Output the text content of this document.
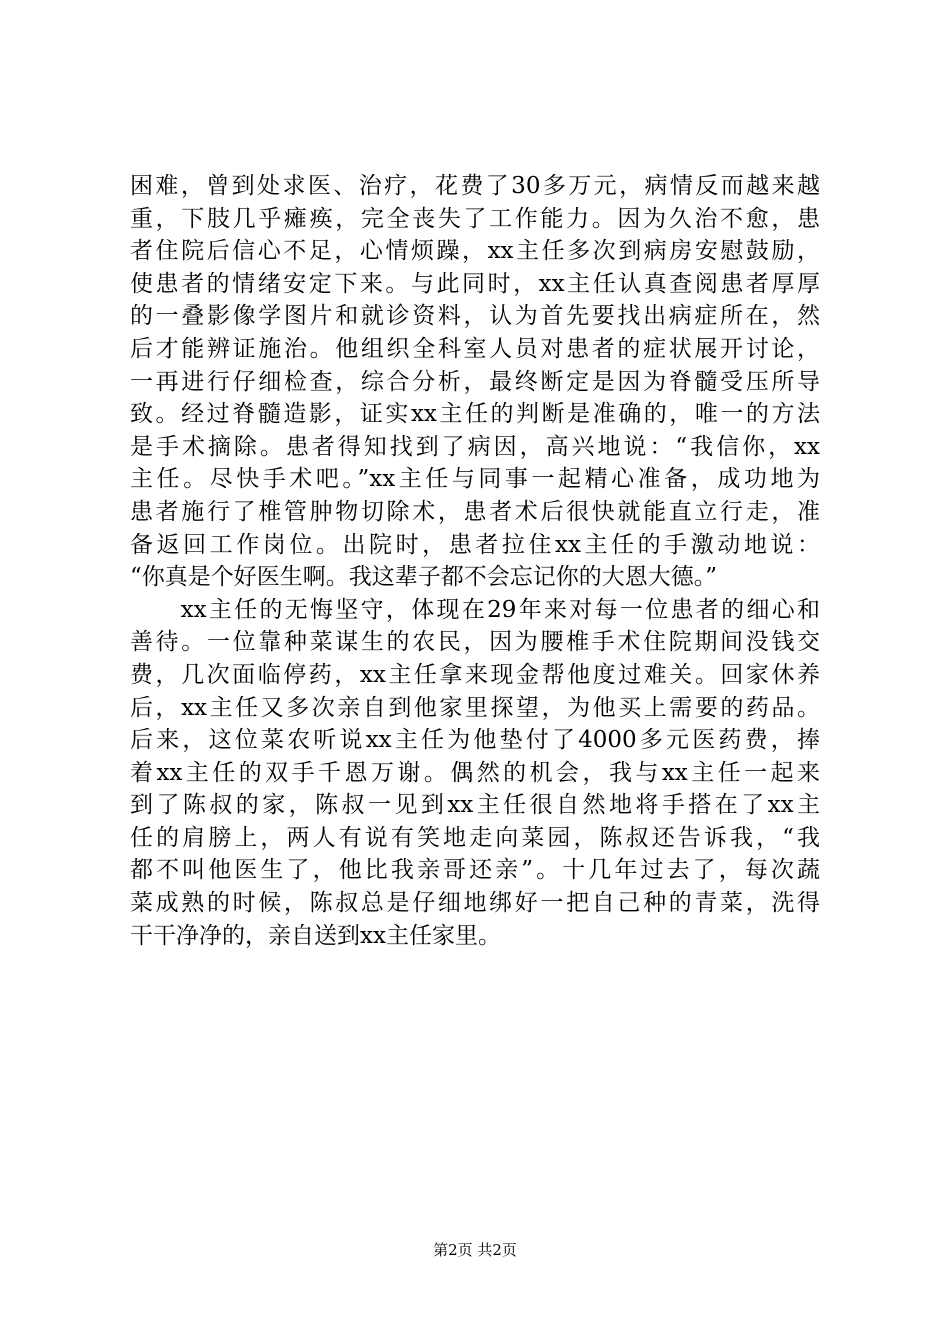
困难，曾到处求医、治疗，花费了30多万元，病情反而越来越
重，下肢几乎瘫痪，完全丧失了工作能力。因为久治不愈，患
者住院后信心不足，心情烦躁，xx主任多次到病房安慰鼓励，
使患者的情绪安定下来。与此同时，xx主任认真查阅患者厚厚
的一叠影像学图片和就诊资料，认为首先要找出病症所在，然
后才能辨证施治。他组织全科室人员对患者的症状展开讨论，
一再进行仔细检查，综合分析，最终断定是因为脊髓受压所导
致。经过脊髓造影，证实xx主任的判断是准确的，唯一的方法
是手术摘除。患者得知找到了病因，高兴地说：“我信你，xx
主任。尽快手术吧。”xx主任与同事一起精心准备，成功地为
患者施行了椎管肿物切除术，患者术后很快就能直立行走，准
备返回工作岗位。出院时，患者拉住xx主任的手激动地说：
“你真是个好医生啊。我这辈子都不会忘记你的大恩大德。”
　　xx主任的无悔坚守，体现在29年来对每一位患者的细心和
善待。一位靠种菜谋生的农民，因为腰椎手术住院期间没钱交
费，几次面临停药，xx主任拿来现金帮他度过难关。回家休养
后，xx主任又多次亲自到他家里探望，为他买上需要的药品。
后来，这位菜农听说xx主任为他垫付了4000多元医药费，捧
着xx主任的双手千恩万谢。偶然的机会，我与xx主任一起来
到了陈叔的家，陈叔一见到xx主任很自然地将手搭在了xx主
任的肩膀上，两人有说有笑地走向菜园，陈叔还告诉我，“我
都不叫他医生了，他比我亲哥还亲”。十几年过去了，每次蔬
菜成熟的时候，陈叔总是仔细地绑好一把自己种的青菜，洗得
干干净净的，亲自送到xx主任家里。
第2页 共2页
